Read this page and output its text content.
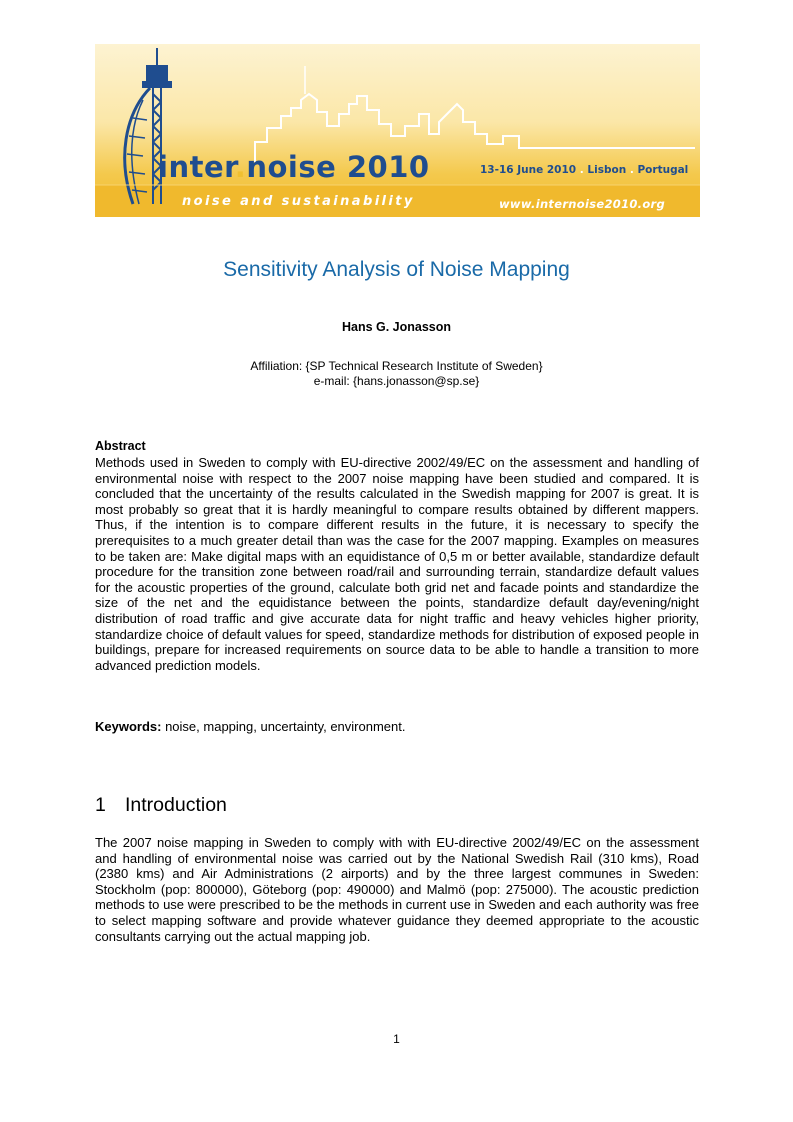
inter.noise 2010
noise and sustainability
13-16 June 2010 . Lisbon . Portugal
www.internoise2010.org
Sensitivity Analysis of Noise Mapping
Hans G. Jonasson
Affiliation: {SP Technical Research Institute of Sweden}
e-mail: {hans.jonasson@sp.se}
Abstract

Methods used in Sweden to comply with EU-directive 2002/49/EC on the assessment and handling of environmental noise with respect to the 2007 noise mapping have been studied and compared. It is concluded that the uncertainty of the results calculated in the Swedish mapping for 2007 is great. It is most probably so great that it is hardly meaningful to compare results obtained by different mappers. Thus, if the intention is to compare different results in the future, it is necessary to specify the prerequisites to a much greater detail than was the case for the 2007 mapping. Examples on measures to be taken are: Make digital maps with an equidistance of 0,5 m or better available, standardize default procedure for the transition zone between road/rail and surrounding terrain, standardize default values for the acoustic properties of the ground, calculate both grid net and facade points and standardize the size of the net and the equidistance between the points, standardize default day/evening/night distribution of road traffic and give accurate data for night traffic and heavy vehicles higher priority, standardize choice of default values for speed, standardize methods for distribution of exposed people in buildings, prepare for increased requirements on source data to be able to handle a transition to more advanced prediction models.

Keywords: noise, mapping, uncertainty, environment.

1 Introduction

The 2007 noise mapping in Sweden to comply with with EU-directive 2002/49/EC on the assessment and handling of environmental noise was carried out by the National Swedish Rail (310 kms), Road (2380 kms) and Air Administrations (2 airports) and by the three largest communes in Sweden: Stockholm (pop: 800000), Göteborg (pop: 490000) and Malmö (pop: 275000). The acoustic prediction methods to use were prescribed to be the methods in current use in Sweden and each authority was free to select mapping software and provide whatever guidance they deemed appropriate to the acoustic consultants carrying out the actual mapping job.

1
